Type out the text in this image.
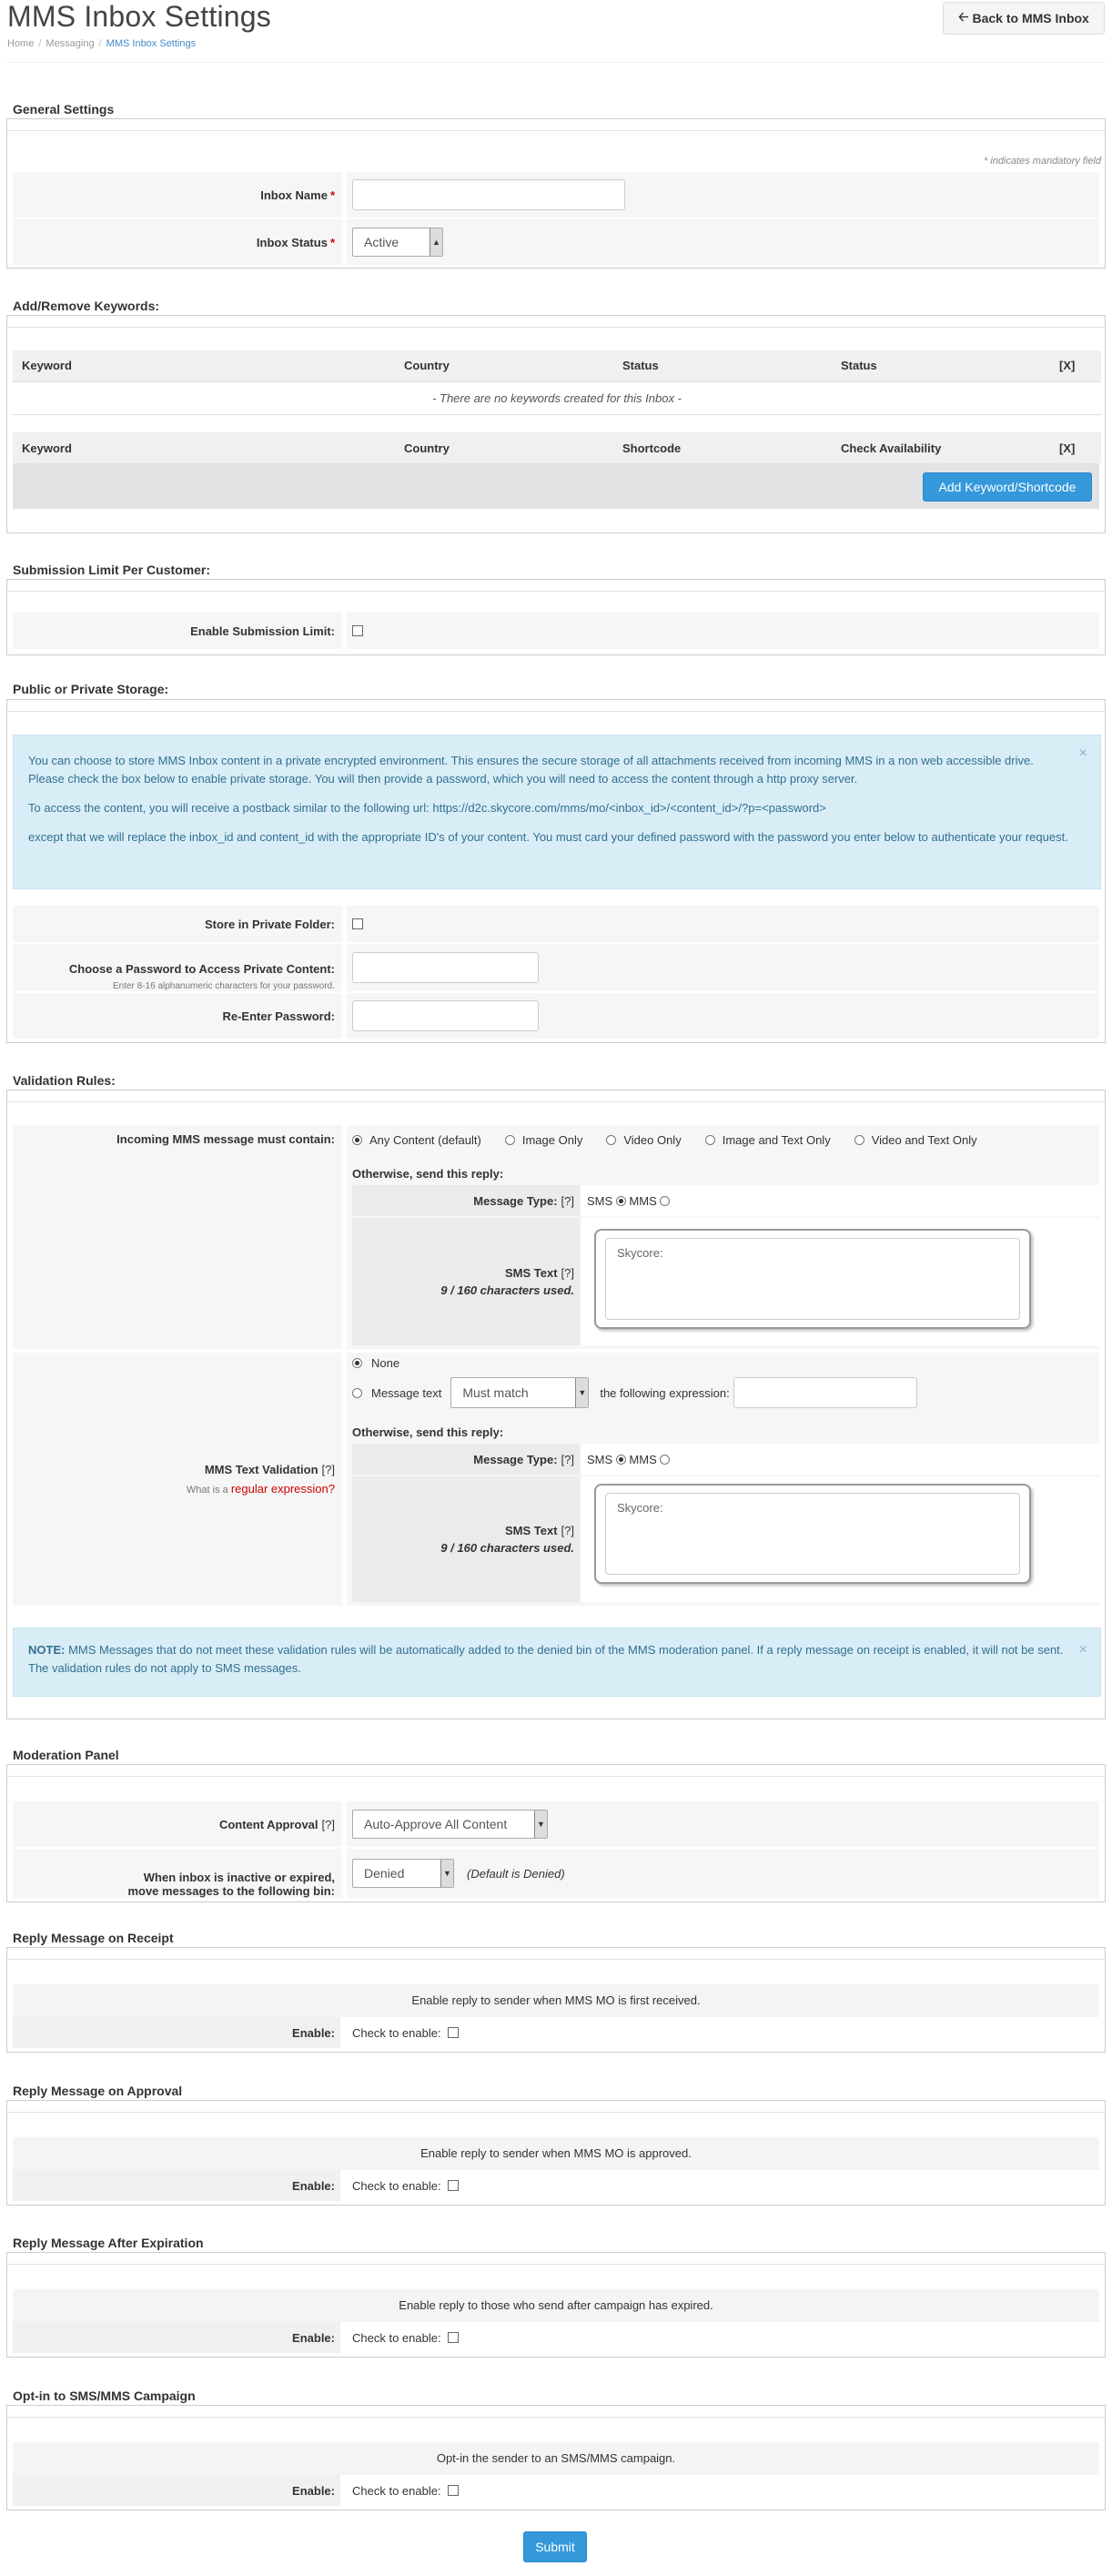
MMS Inbox Settings
Home / Messaging / MMS Inbox Settings
🡠 Back to MMS Inbox
General Settings
* indicates mandatory field
Inbox Name *
Inbox Status * Active	▲

Add/Remove Keywords:
Keyword	Country	Status	Status	[X]
- There are no keywords created for this Inbox -
Keyword	Country	Shortcode	Check Availability	[X]
Add Keyword/Shortcode
Submission Limit Per Customer:
Enable Submission Limit:
Public or Private Storage:
×

You can choose to store MMS Inbox content in a private encrypted environment. This ensures the secure storage of all attachments received from incoming MMS in a non web accessible drive. Please check the box below to enable private storage. You will then provide a password, which you will need to access the content through a http proxy server.

To access the content, you will receive a postback similar to the following url: https://d2c.skycore.com/mms/mo/<inbox_id>/<content_id>/?p=<password>

except that we will replace the inbox_id and content_id with the appropriate ID's of your content. You must card your defined password with the password you enter below to authenticate your request.

Store in Private Folder:
Choose a Password to Access Private Content:
Enter 8-16 alphanumeric characters for your password.
Re-Enter Password:
Validation Rules:
Incoming MMS message must contain:	Any Content (default)	Image Only	Video Only	Image and Text Only	Video and Text Only
Otherwise, send this reply:
Message Type: [?] SMS

MMS

SMS Text [?]
9 / 160 characters used.
Skycore:
MMS Text Validation [?]
What is a regular expression?
None
Message text Must match	▼ the following expression:
Otherwise, send this reply:
Message Type: [?] SMS

MMS

SMS Text [?]
9 / 160 characters used.
Skycore:
×
NOTE: MMS Messages that do not meet these validation rules will be automatically added to the denied bin of the MMS moderation panel. If a reply message on receipt is enabled, it will not be sent. The validation rules do not apply to SMS messages.
Moderation Panel
Content Approval [?] Auto-Approve All Content	▼
When inbox is inactive or expired,
move messages to the following bin:
Denied	▼ (Default is Denied)
Reply Message on Receipt
Enable reply to sender when MMS MO is first received.
Enable:	Check to enable:

Reply Message on Approval
Enable reply to sender when MMS MO is approved.
Enable:	Check to enable:

Reply Message After Expiration
Enable reply to those who send after campaign has expired.
Enable:	Check to enable:

Opt-in to SMS/MMS Campaign
Opt-in the sender to an SMS/MMS campaign.
Enable:	Check to enable:

Submit
